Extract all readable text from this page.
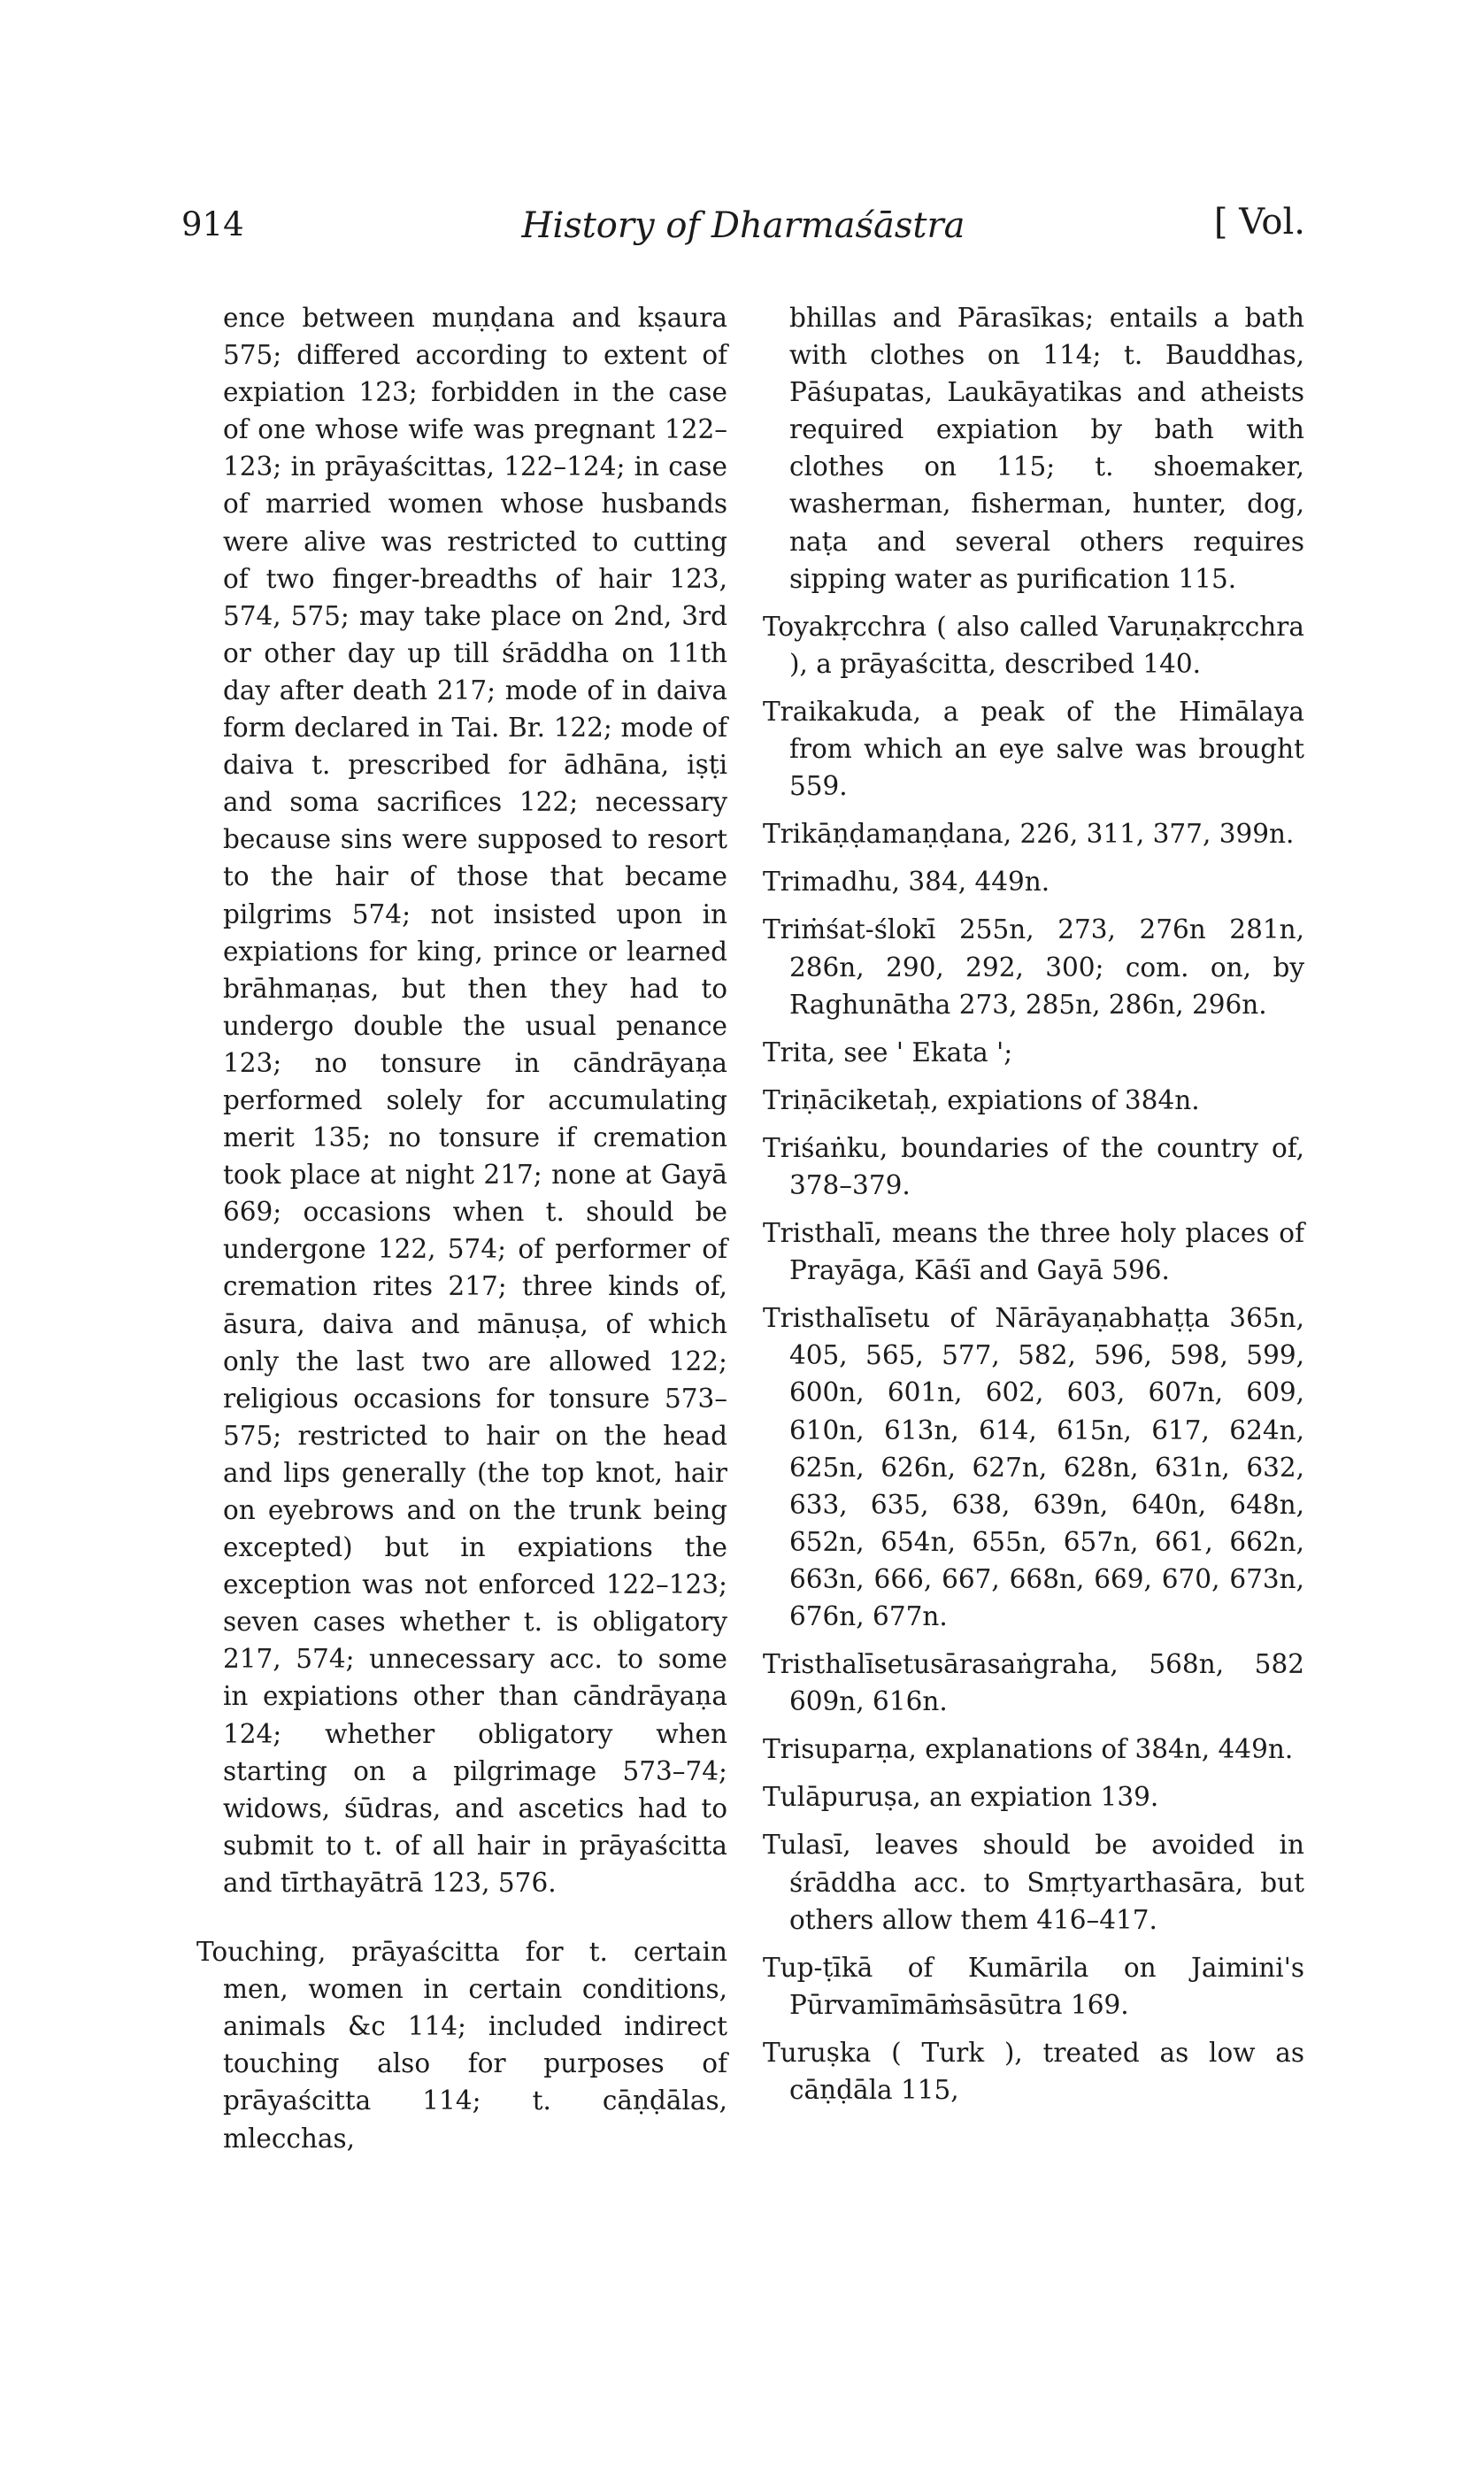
914	History of Dharmaśāstra	[ Vol.

ence between muṇḍana and kṣaura 575; differed according to extent of expiation 123; forbidden in the case of one whose wife was pregnant 122–123; in prāyaścittas, 122–124; in case of married women whose husbands were alive was restricted to cutting of two finger-breadths of hair 123, 574, 575; may take place on 2nd, 3rd or other day up till śrāddha on 11th day after death 217; mode of in daiva form declared in Tai. Br. 122; mode of daiva t. prescribed for ādhāna, iṣṭi and soma sacrifices 122; necessary because sins were supposed to resort to the hair of those that became pilgrims 574; not insisted upon in expiations for king, prince or learned brāhmaṇas, but then they had to undergo double the usual penance 123; no tonsure in cāndrāyaṇa performed solely for accumulating merit 135; no tonsure if cremation took place at night 217; none at Gayā 669; occasions when t. should be undergone 122, 574; of performer of cremation rites 217; three kinds of, āsura, daiva and mānuṣa, of which only the last two are allowed 122; religious occasions for tonsure 573–575; restricted to hair on the head and lips generally (the top knot, hair on eyebrows and on the trunk being excepted) but in expiations the exception was not enforced 122–123; seven cases whether t. is obligatory 217, 574; unnecessary acc. to some in expiations other than cāndrāyaṇa 124; whether obligatory when starting on a pilgrimage 573–74; widows, śūdras, and ascetics had to submit to t. of all hair in prāyaścitta and tīrthayātrā 123, 576.

Touching, prāyaścitta for t. certain men, women in certain conditions, animals &c 114; included indirect touching also for purposes of prāyaścitta 114; t. cāṇḍālas, mlecchas,

bhillas and Pārasīkas; entails a bath with clothes on 114; t. Bauddhas, Pāśupatas, Laukāyatikas and atheists required expiation by bath with clothes on 115; t. shoemaker, washerman, fisherman, hunter, dog, naṭa and several others requires sipping water as purification 115.

Toyakṛcchra ( also called Varuṇakṛcchra ), a prāyaścitta, described 140.

Traikakuda, a peak of the Himālaya from which an eye salve was brought 559.

Trikāṇḍamaṇḍana, 226, 311, 377, 399n.

Trimadhu, 384, 449n.

Triṁśat-ślokī 255n, 273, 276n 281n, 286n, 290, 292, 300; com. on, by Raghunātha 273, 285n, 286n, 296n.

Trita, see ' Ekata ';

Triṇāciketaḥ, expiations of 384n.

Triśaṅku, boundaries of the country of, 378–379.

Tristhalī, means the three holy places of Prayāga, Kāśī and Gayā 596.

Tristhalīsetu of Nārāyaṇabhaṭṭa 365n, 405, 565, 577, 582, 596, 598, 599, 600n, 601n, 602, 603, 607n, 609, 610n, 613n, 614, 615n, 617, 624n, 625n, 626n, 627n, 628n, 631n, 632, 633, 635, 638, 639n, 640n, 648n, 652n, 654n, 655n, 657n, 661, 662n, 663n, 666, 667, 668n, 669, 670, 673n, 676n, 677n.

Tristhalīsetusārasaṅgraha, 568n, 582 609n, 616n.

Trisuparṇa, explanations of 384n, 449n.

Tulāpuruṣa, an expiation 139.

Tulasī, leaves should be avoided in śrāddha acc. to Smṛtyarthasāra, but others allow them 416–417.

Tup-ṭīkā of Kumārila on Jaimini's Pūrvamīmāṁsāsūtra 169.

Turuṣka ( Turk ), treated as low as cāṇḍāla 115,
